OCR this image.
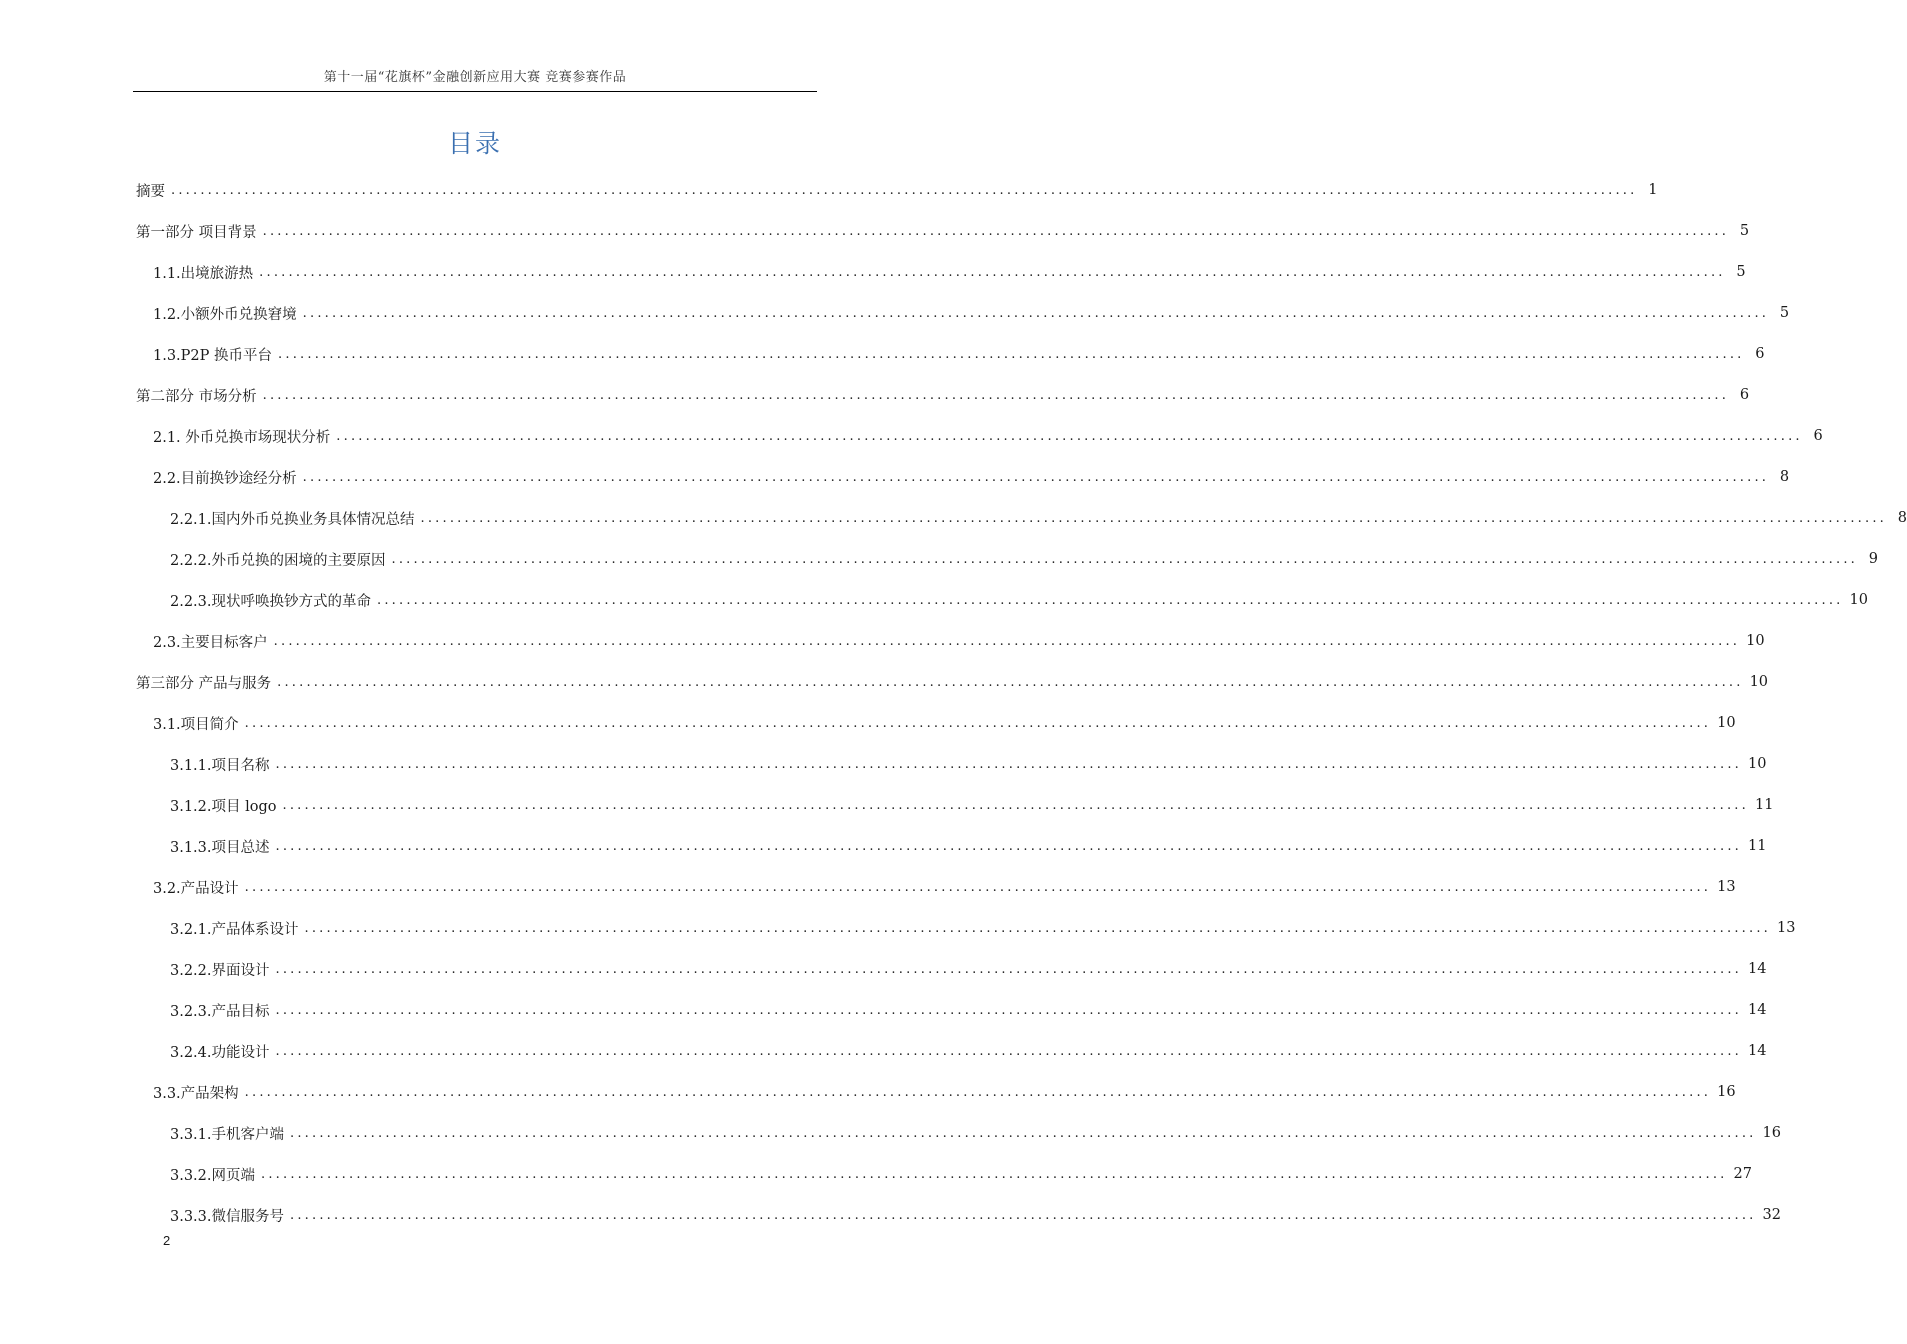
第十一届“花旗杯”金融创新应用大赛 竞赛参赛作品
目录
摘要 ........................................................................................................................................................................................................ 1
第一部分 项目背景 ........................................................................................................................................................................................................ 5
1.1.出境旅游热 ........................................................................................................................................................................................................ 5
1.2.小额外币兑换窘境 ........................................................................................................................................................................................................ 5
1.3.P2P 换币平台 ........................................................................................................................................................................................................ 6
第二部分 市场分析 ........................................................................................................................................................................................................ 6
2.1. 外币兑换市场现状分析 ........................................................................................................................................................................................................ 6
2.2.目前换钞途经分析 ........................................................................................................................................................................................................ 8
2.2.1.国内外币兑换业务具体情况总结 ........................................................................................................................................................................................................ 8
2.2.2.外币兑换的困境的主要原因 ........................................................................................................................................................................................................ 9
2.2.3.现状呼唤换钞方式的革命 ........................................................................................................................................................................................................ 10
2.3.主要目标客户 ........................................................................................................................................................................................................ 10
第三部分 产品与服务 ........................................................................................................................................................................................................ 10
3.1.项目简介 ........................................................................................................................................................................................................ 10
3.1.1.项目名称 ........................................................................................................................................................................................................ 10
3.1.2.项目 logo ........................................................................................................................................................................................................ 11
3.1.3.项目总述 ........................................................................................................................................................................................................ 11
3.2.产品设计 ........................................................................................................................................................................................................ 13
3.2.1.产品体系设计 ........................................................................................................................................................................................................ 13
3.2.2.界面设计 ........................................................................................................................................................................................................ 14
3.2.3.产品目标 ........................................................................................................................................................................................................ 14
3.2.4.功能设计 ........................................................................................................................................................................................................ 14
3.3.产品架构 ........................................................................................................................................................................................................ 16
3.3.1.手机客户端 ........................................................................................................................................................................................................ 16
3.3.2.网页端 ........................................................................................................................................................................................................ 27
3.3.3.微信服务号 ........................................................................................................................................................................................................ 32
2
